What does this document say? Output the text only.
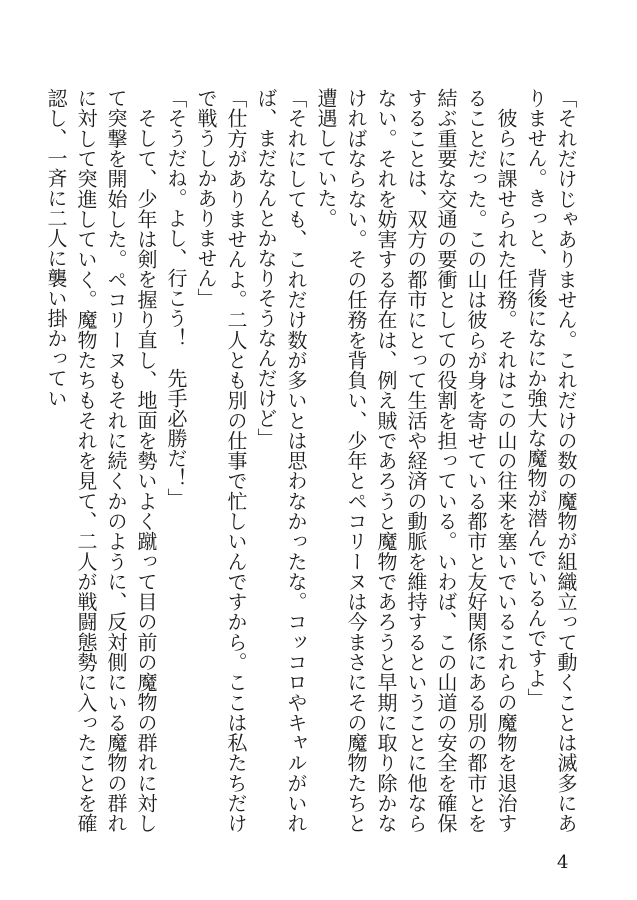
「それだけじゃありません。これだけの数の魔物が組織立って動くことは滅多にありません。きっと、背後になにか強大な魔物が潜んでいるんですよ」

彼らに課せられた任務。それはこの山の往来を塞いでいるこれらの魔物を退治することだった。この山は彼らが身を寄せている都市と友好関係にある別の都市とを結ぶ重要な交通の要衝としての役割を担っている。いわば、この山道の安全を確保することは、双方の都市にとって生活や経済の動脈を維持するということに他ならない。それを妨害する存在は、例え賊であろうと魔物であろうと早期に取り除かなければならない。その任務を背負い、少年とペコリーヌは今まさにその魔物たちと遭遇していた。

「それにしても、これだけ数が多いとは思わなかったな。コッコロやキャルがいれば、まだなんとかなりそうなんだけど」

「仕方がありませんよ。二人とも別の仕事で忙しいんですから。ここは私たちだけで戦うしかありません」

「そうだね。よし、行こう！　先手必勝だ！」

そして、少年は剣を握り直し、地面を勢いよく蹴って目の前の魔物の群れに対して突撃を開始した。ペコリーヌもそれに続くかのように、反対側にいる魔物の群れに対して突進していく。魔物たちもそれを見て、二人が戦闘態勢に入ったことを確認し、一斉に二人に襲い掛かってい

4
